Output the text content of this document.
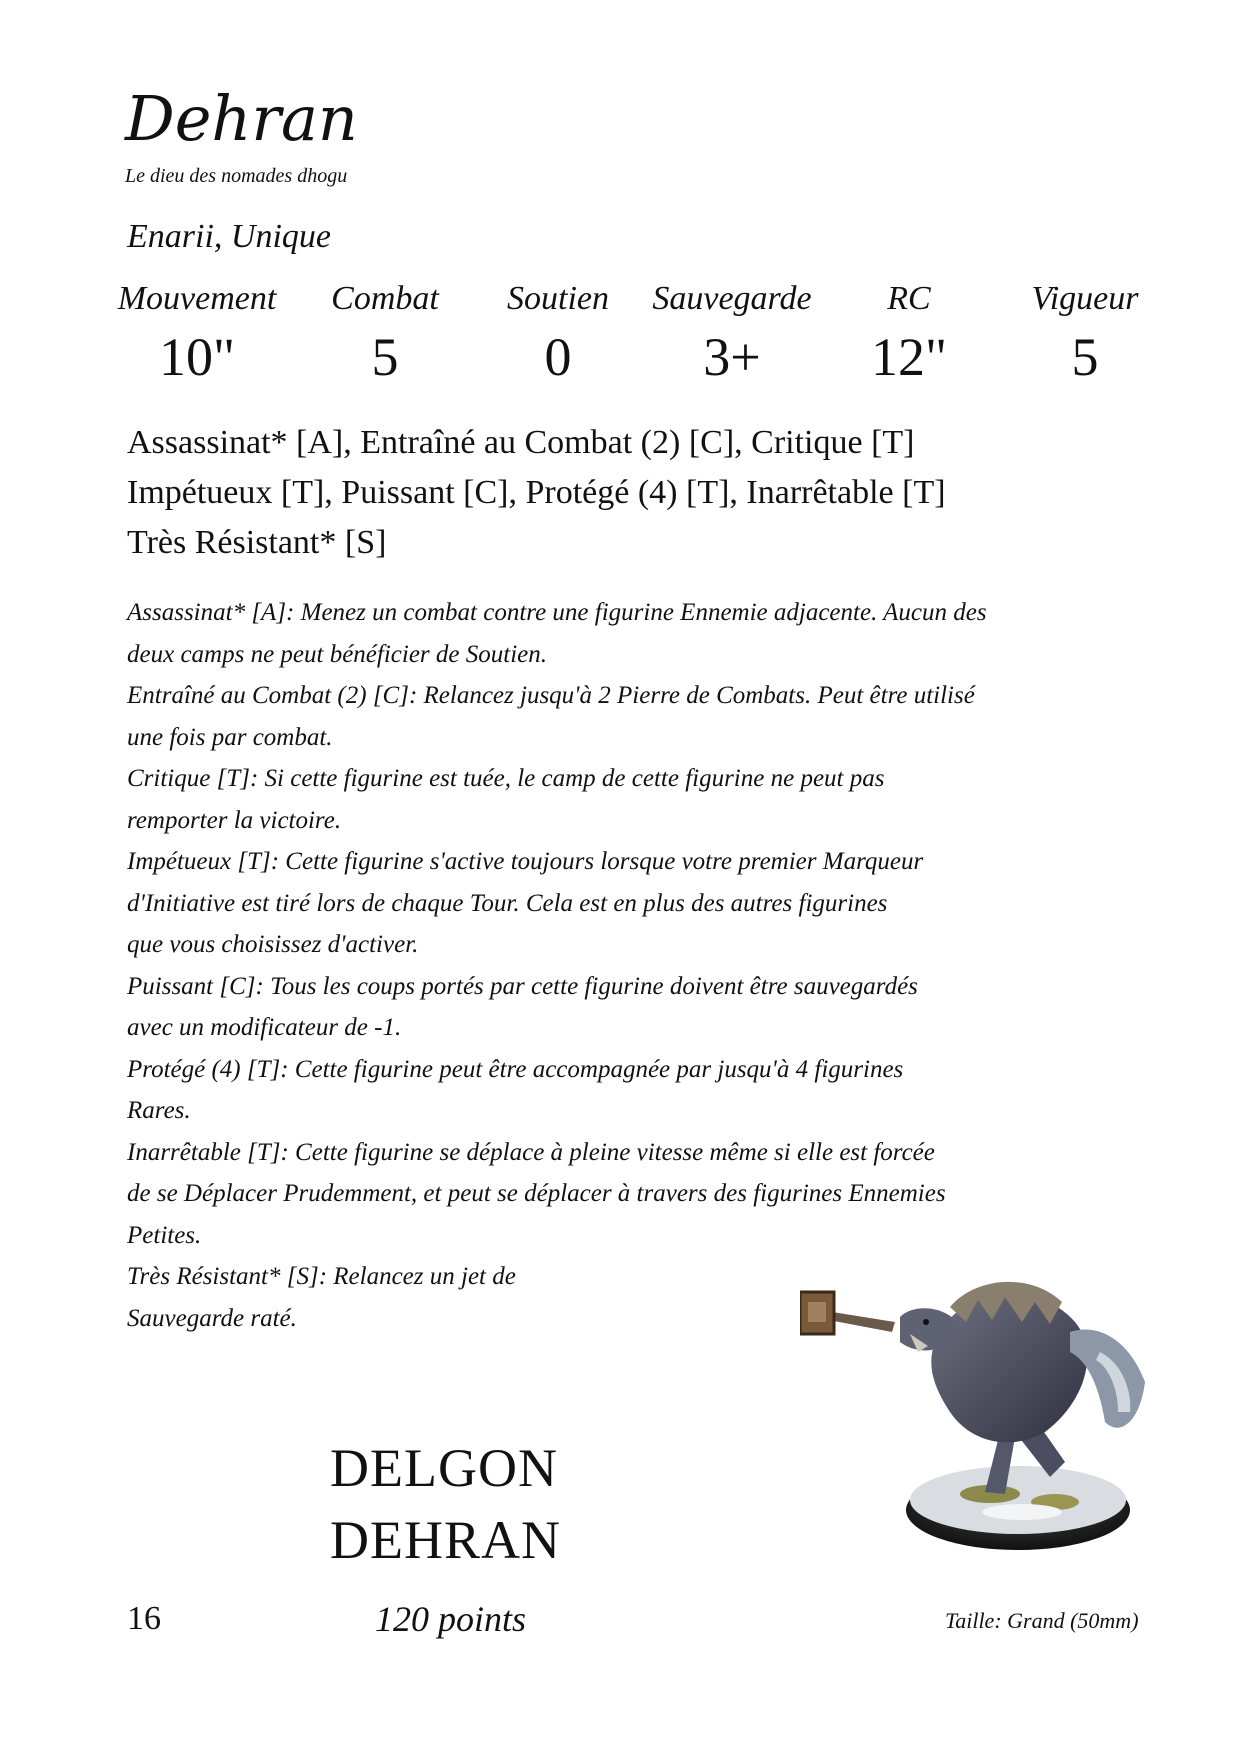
Dehran
Le dieu des nomades dhogu
Enarii, Unique
Mouvement
10"
Combat
5
Soutien
0
Sauvegarde
3+
RC
12"
Vigueur
5
Assassinat* [A], Entraîné au Combat (2) [C], Critique [T]
Impétueux [T], Puissant [C], Protégé (4) [T], Inarrêtable [T]
Très Résistant* [S]

Assassinat* [A]: Menez un combat contre une figurine Ennemie adjacente. Aucun des

deux camps ne peut bénéficier de Soutien.

Entraîné au Combat (2) [C]: Relancez jusqu'à 2 Pierre de Combats. Peut être utilisé

une fois par combat.

Critique [T]: Si cette figurine est tuée, le camp de cette figurine ne peut pas

remporter la victoire.

Impétueux [T]: Cette figurine s'active toujours lorsque votre premier Marqueur

d'Initiative est tiré lors de chaque Tour. Cela est en plus des autres figurines

que vous choisissez d'activer.

Puissant [C]: Tous les coups portés par cette figurine doivent être sauvegardés

avec un modificateur de -1.

Protégé (4) [T]: Cette figurine peut être accompagnée par jusqu'à 4 figurines

Rares.

Inarrêtable [T]: Cette figurine se déplace à pleine vitesse même si elle est forcée

de se Déplacer Prudemment, et peut se déplacer à travers des figurines Ennemies

Petites.

Très Résistant* [S]: Relancez un jet de

Sauvegarde raté.

DELGON
DEHRAN
16	120 points	Taille: Grand (50mm)
